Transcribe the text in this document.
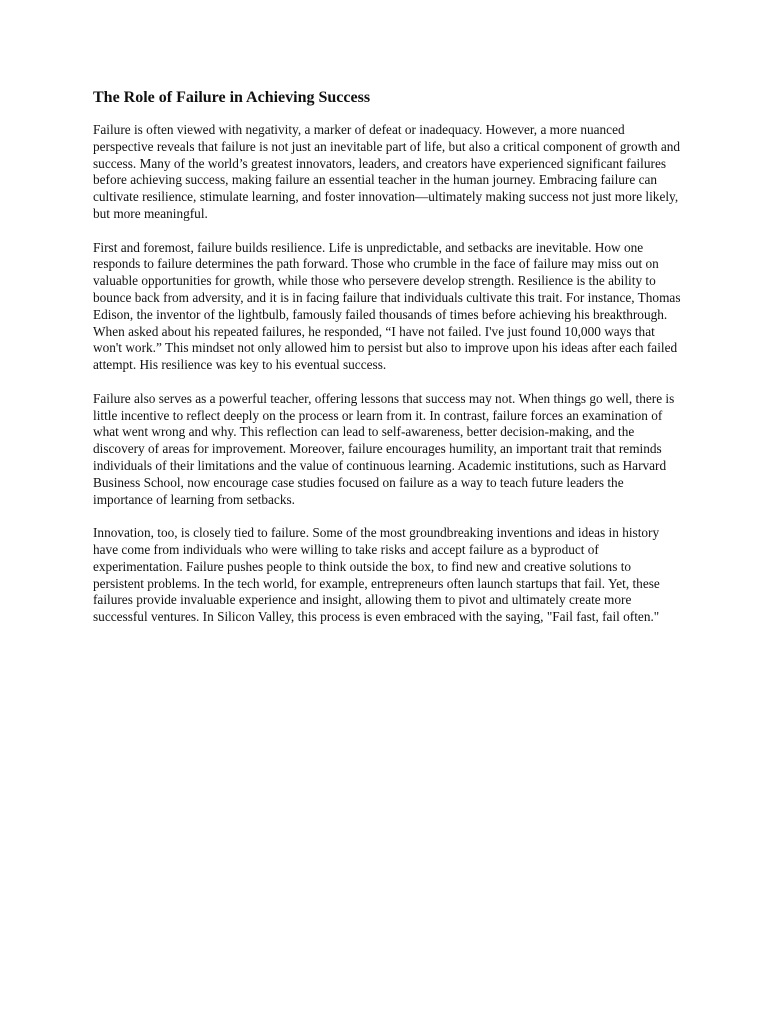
The Role of Failure in Achieving Success

Failure is often viewed with negativity, a marker of defeat or inadequacy. However, a more nuanced perspective reveals that failure is not just an inevitable part of life, but also a critical component of growth and success. Many of the world’s greatest innovators, leaders, and creators have experienced significant failures before achieving success, making failure an essential teacher in the human journey. Embracing failure can cultivate resilience, stimulate learning, and foster innovation—ultimately making success not just more likely, but more meaningful.

First and foremost, failure builds resilience. Life is unpredictable, and setbacks are inevitable. How one responds to failure determines the path forward. Those who crumble in the face of failure may miss out on valuable opportunities for growth, while those who persevere develop strength. Resilience is the ability to bounce back from adversity, and it is in facing failure that individuals cultivate this trait. For instance, Thomas Edison, the inventor of the lightbulb, famously failed thousands of times before achieving his breakthrough. When asked about his repeated failures, he responded, “I have not failed. I've just found 10,000 ways that won't work.” This mindset not only allowed him to persist but also to improve upon his ideas after each failed attempt. His resilience was key to his eventual success.

Failure also serves as a powerful teacher, offering lessons that success may not. When things go well, there is little incentive to reflect deeply on the process or learn from it. In contrast, failure forces an examination of what went wrong and why. This reflection can lead to self-awareness, better decision-making, and the discovery of areas for improvement. Moreover, failure encourages humility, an important trait that reminds individuals of their limitations and the value of continuous learning. Academic institutions, such as Harvard Business School, now encourage case studies focused on failure as a way to teach future leaders the importance of learning from setbacks.

Innovation, too, is closely tied to failure. Some of the most groundbreaking inventions and ideas in history have come from individuals who were willing to take risks and accept failure as a byproduct of experimentation. Failure pushes people to think outside the box, to find new and creative solutions to persistent problems. In the tech world, for example, entrepreneurs often launch startups that fail. Yet, these failures provide invaluable experience and insight, allowing them to pivot and ultimately create more successful ventures. In Silicon Valley, this process is even embraced with the saying, "Fail fast, fail often."
